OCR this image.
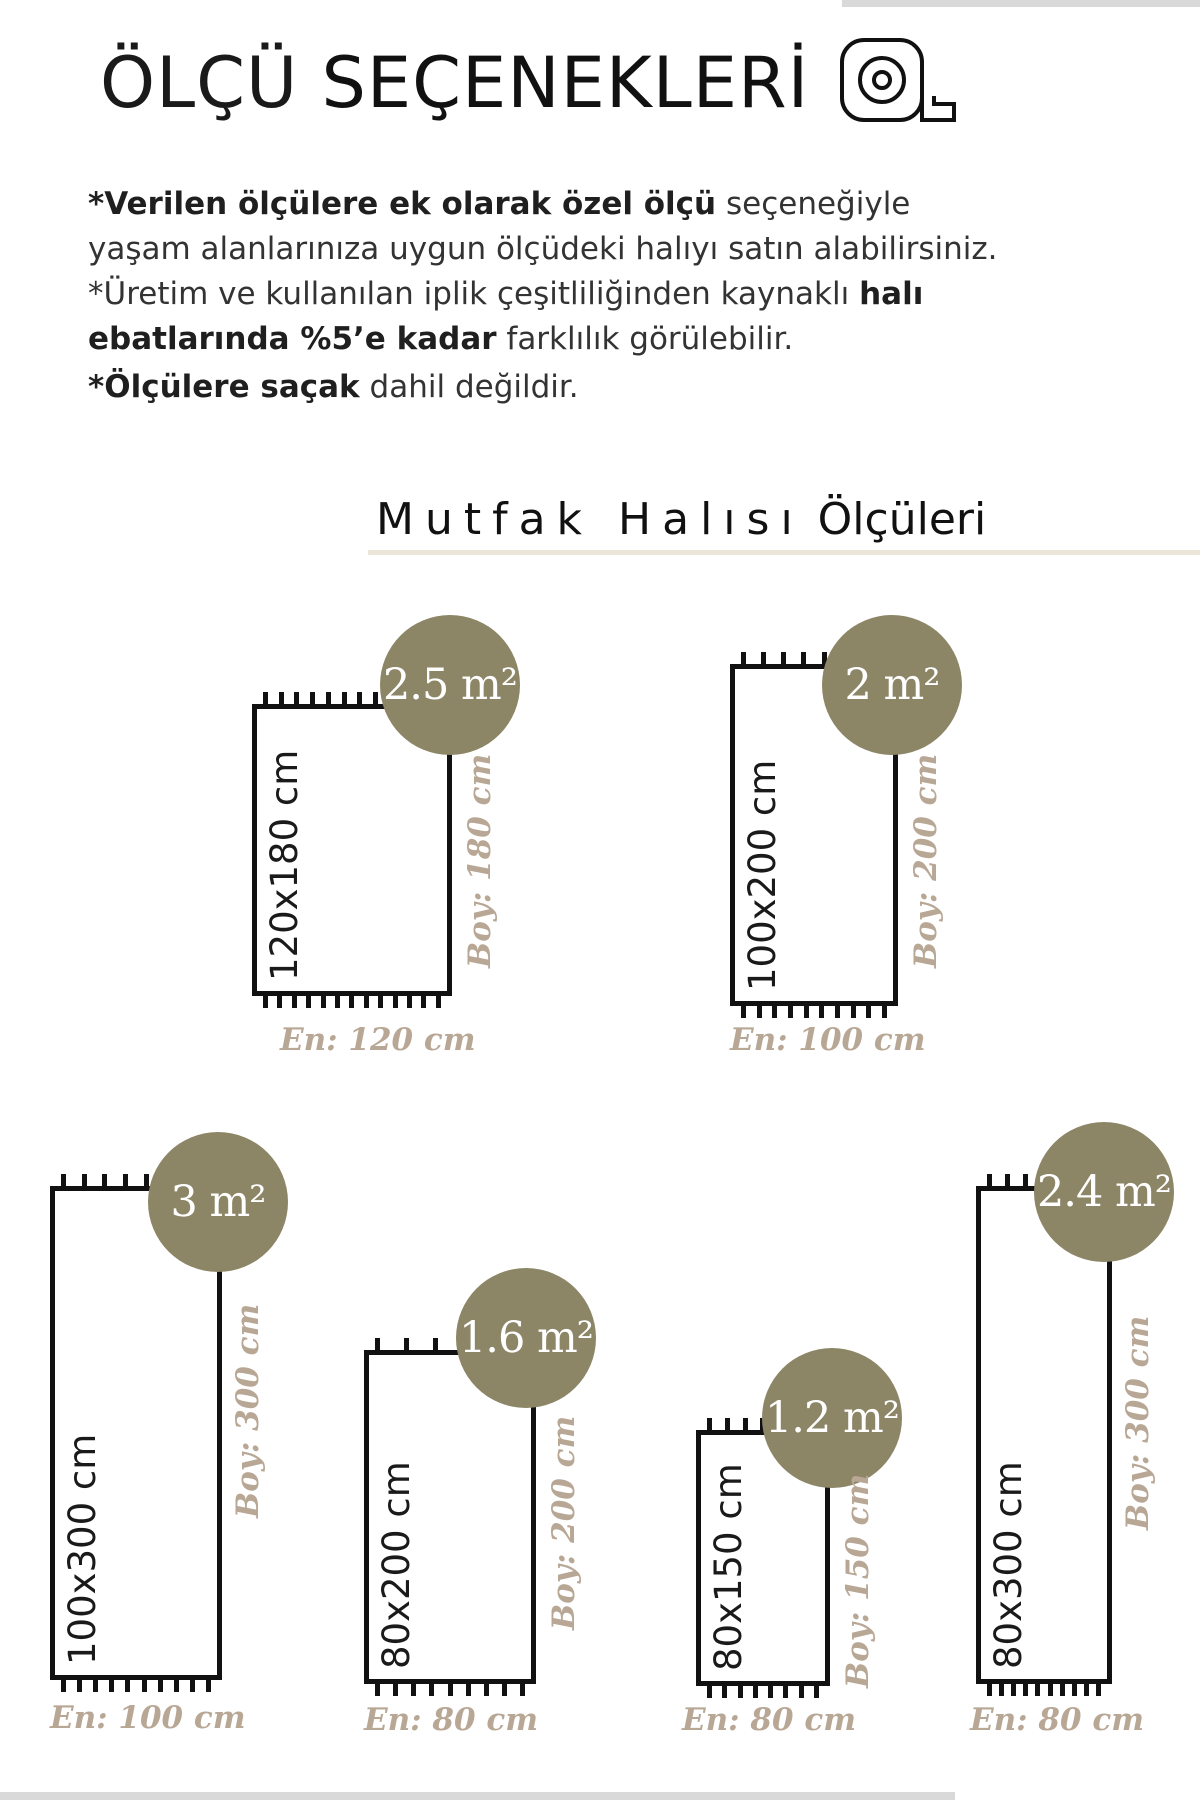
ÖLÇÜ SEÇENEKLERİ
*Verilen ölçülere ek olarak özel ölçü seçeneğiyle
yaşam alanlarınıza uygun ölçüdeki halıyı satın alabilirsiniz.
*Üretim ve kullanılan iplik çeşitliliğinden kaynaklı halı
ebatlarında %5’e kadar farklılık görülebilir.
*Ölçülere saçak dahil değildir.
Mutfak Halısı Ölçüleri
120x180 cm
2.5 m²
En: 120 cm
Boy: 180 cm	100x200 cm
2 m²
En: 100 cm
Boy: 200 cm
100x300 cm
3 m²
En: 100 cm
Boy: 300 cm
80x200 cm
1.6 m²
En: 80 cm
Boy: 200 cm	80x150 cm
1.2 m²
En: 80 cm
Boy: 150 cm	80x300 cm
2.4 m²
En: 80 cm
Boy: 300 cm
